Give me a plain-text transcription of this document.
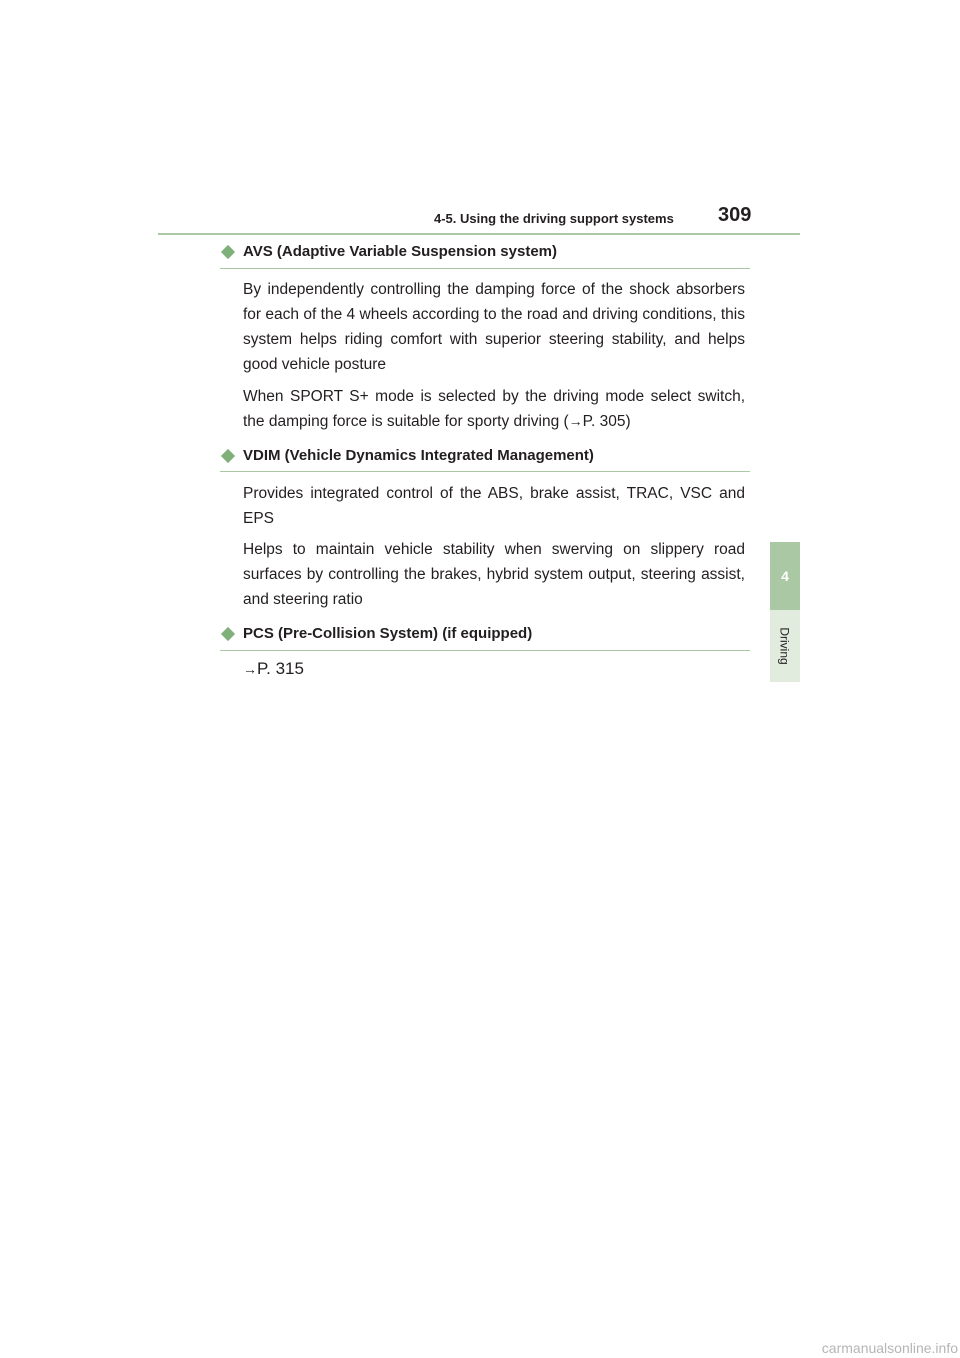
4-5. Using the driving support systems 309
4
Driving
AVS (Adaptive Variable Suspension system)

By independently controlling the damping force of the shock absorbers for each of the 4 wheels according to the road and driving conditions, this system helps riding comfort with superior steering stability, and helps good vehicle posture

When SPORT S+ mode is selected by the driving mode select switch, the damping force is suitable for sporty driving (→P. 305)

VDIM (Vehicle Dynamics Integrated Management)

Provides integrated control of the ABS, brake assist, TRAC, VSC and EPS

Helps to maintain vehicle stability when swerving on slippery road surfaces by controlling the brakes, hybrid system output, steering assist, and steering ratio

PCS (Pre-Collision System) (if equipped)
→P. 315
carmanualsonline.info
